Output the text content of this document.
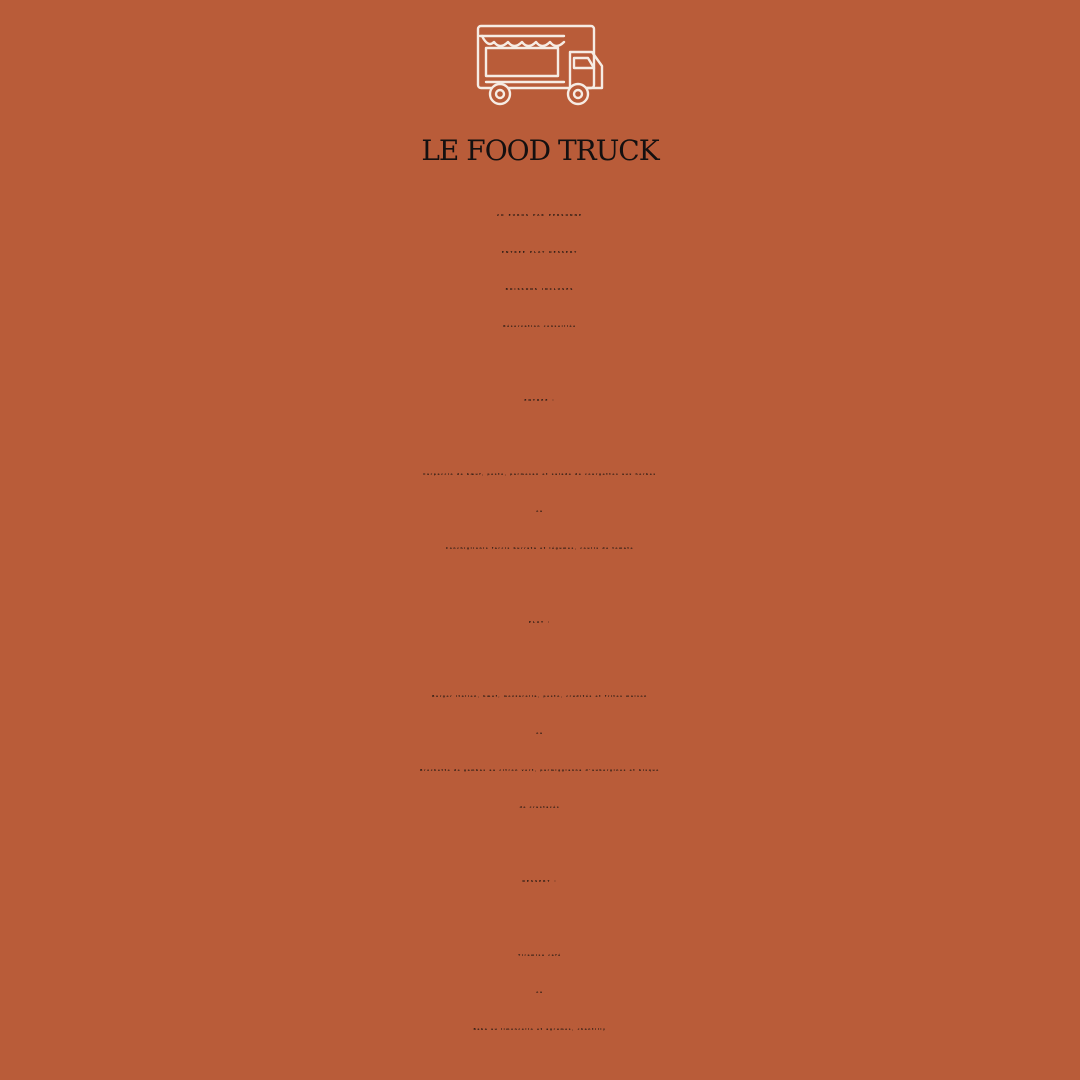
LE FOOD TRUCK
2O EUROS PAR PERSONNE
ENTREE PLAT DESSERT
BOISSONS INCLUSES
Réservation conseillée
ENTREE :
Carpaccio de bœuf, pesto, parmesan et salade de courgettes aux herbes
ou
Conchiglionis farcis burrata et légumes, coulis de tomate
PLAT :
Burger italien, bœuf, mozzarella, pesto, crudités et frites maison
ou
Brochette de gambas au citron vert, parmiggianna d’aubergines et bisque
de crustacés
DESSERT :
Tiramisu café
ou
Baba au limoncello et agrumes, chantilly
